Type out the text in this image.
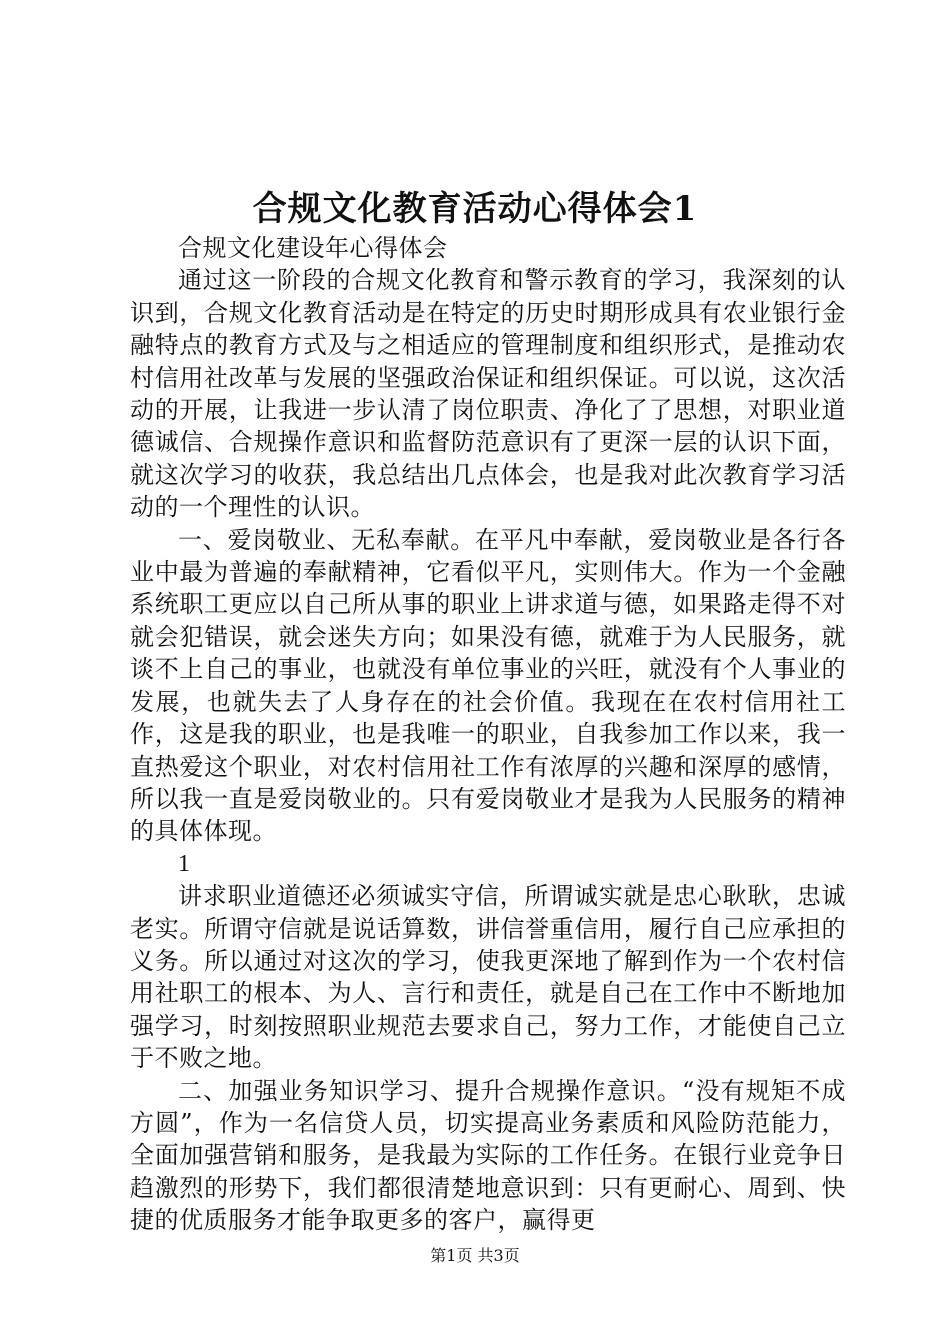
合规文化教育活动心得体会1

合规文化建设年心得体会

通过这一阶段的合规文化教育和警示教育的学习，我深刻的认识到，合规文化教育活动是在特定的历史时期形成具有农业银行金融特点的教育方式及与之相适应的管理制度和组织形式，是推动农村信用社改革与发展的坚强政治保证和组织保证。可以说，这次活动的开展，让我进一步认清了岗位职责、净化了了思想，对职业道德诚信、合规操作意识和监督防范意识有了更深一层的认识下面，就这次学习的收获，我总结出几点体会，也是我对此次教育学习活动的一个理性的认识。

一、爱岗敬业、无私奉献。在平凡中奉献，爱岗敬业是各行各业中最为普遍的奉献精神，它看似平凡，实则伟大。作为一个金融系统职工更应以自己所从事的职业上讲求道与德，如果路走得不对就会犯错误，就会迷失方向；如果没有德，就难于为人民服务，就谈不上自己的事业，也就没有单位事业的兴旺，就没有个人事业的发展，也就失去了人身存在的社会价值。我现在在农村信用社工作，这是我的职业，也是我唯一的职业，自我参加工作以来，我一直热爱这个职业，对农村信用社工作有浓厚的兴趣和深厚的感情，所以我一直是爱岗敬业的。只有爱岗敬业才是我为人民服务的精神的具体体现。

1

讲求职业道德还必须诚实守信，所谓诚实就是忠心耿耿，忠诚老实。所谓守信就是说话算数，讲信誉重信用，履行自己应承担的义务。所以通过对这次的学习，使我更深地了解到作为一个农村信用社职工的根本、为人、言行和责任，就是自己在工作中不断地加强学习，时刻按照职业规范去要求自己，努力工作，才能使自己立于不败之地。

二、加强业务知识学习、提升合规操作意识。“没有规矩不成方圆”，作为一名信贷人员，切实提高业务素质和风险防范能力，全面加强营销和服务，是我最为实际的工作任务。在银行业竞争日趋激烈的形势下，我们都很清楚地意识到：只有更耐心、周到、快捷的优质服务才能争取更多的客户，赢得更

第1页 共3页
